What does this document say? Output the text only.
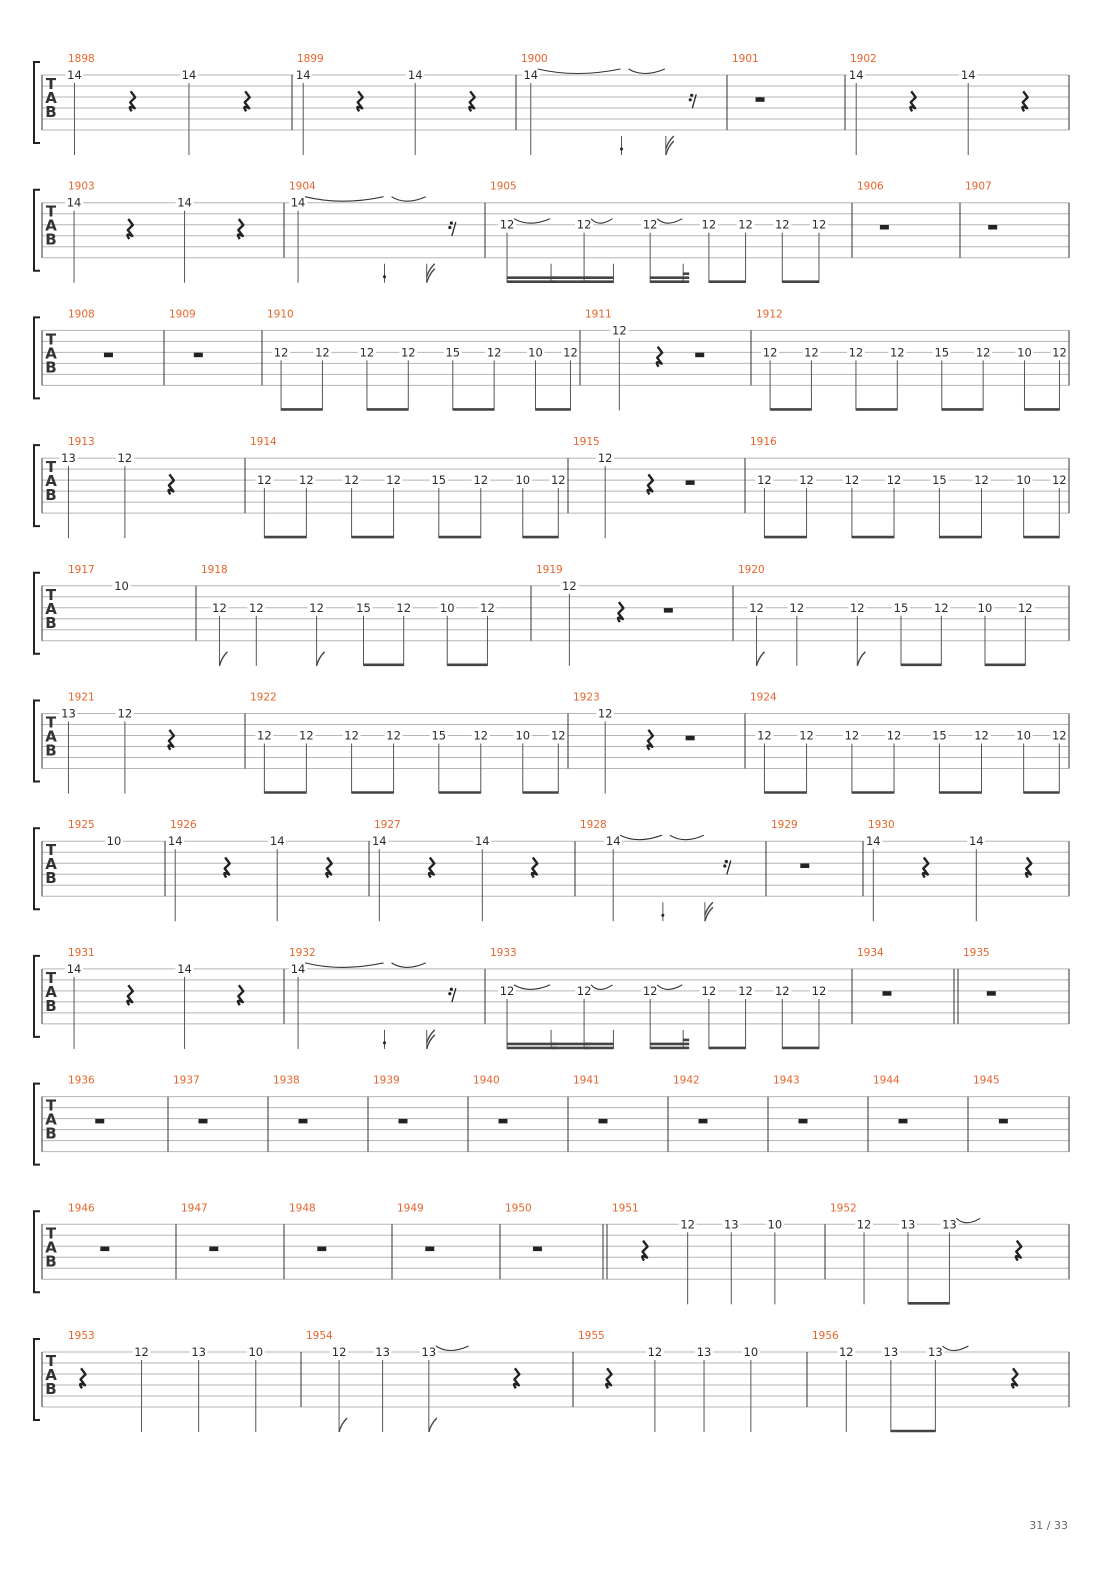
T
A
B
1898
14	14
1899
14	14
1900
14
1901	1902
14	14
T
A
B
1903
14	14
1904
14
1905
12	12	12	12 12 12 12
1906	1907
T
A
B
1908	1909	1910
12 12	12 12	15 12 10 12
1911
12
1912
12 12	12 12	15 12 10 12
T
A
B
1913
13	12
1914
12 12	12 12	15 12 10 12
1915
12
1916
12 12	12 12	15 12 10 12
T
A
B
1917
10
1918
12 12	12	15 12	10 12
1919
12
1920
12 12	12	15 12	10 12
T
A
B
1921
13	12
1922
12 12	12 12	15 12 10 12
1923
12
1924
12 12	12 12	15 12 10 12
T
A
B
1925
10
1926
14	14
1927
14	14
1928
14
1929	1930
14	14
T
A
B
1931
14	14
1932
14
1933
12	12	12	12 12 12 12
1934	1935
T
A
B
1936	1937	1938	1939	1940	1941	1942	1943	1944	1945
T
A
B
1946	1947	1948	1949	1950	1951
12	13	10
1952
12	13 13
T
A
B
1953
12	13	10
1954
12	13	13
1955
12	13	10
1956
12	13	13
31 / 33
